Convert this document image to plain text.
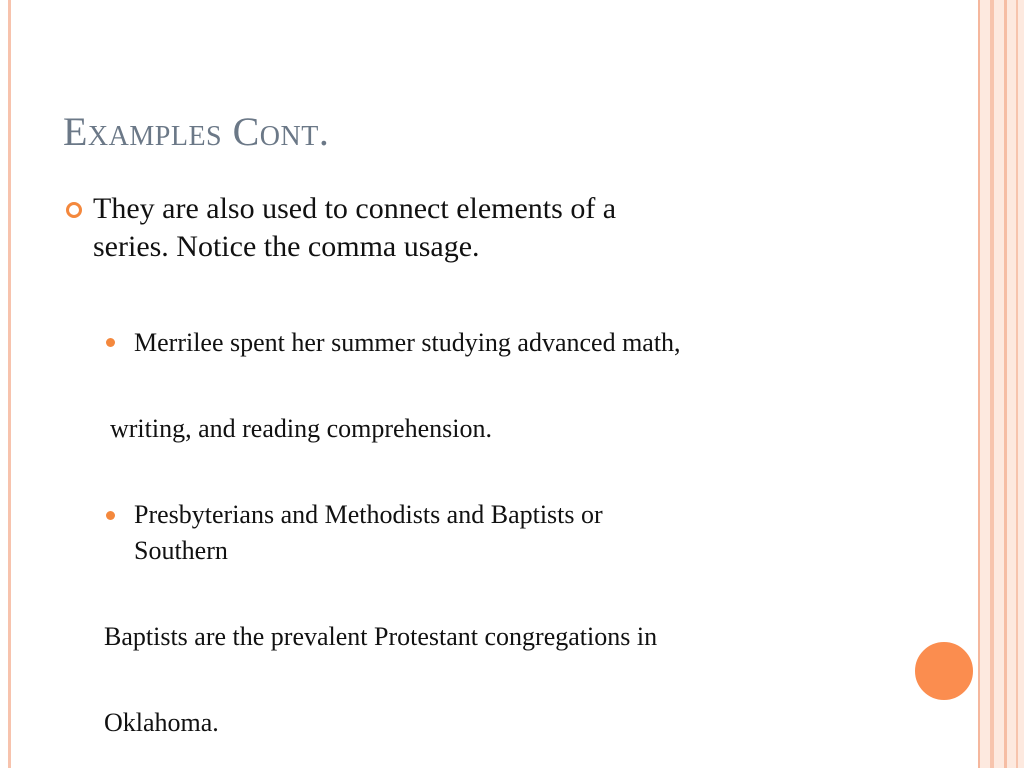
Examples Cont.
They are also used to connect elements of a
series. Notice the comma usage.
Merrilee spent her summer studying advanced math,
writing, and reading comprehension.
Presbyterians and Methodists and Baptists or
Southern
Baptists are the prevalent Protestant congregations in
Oklahoma.
